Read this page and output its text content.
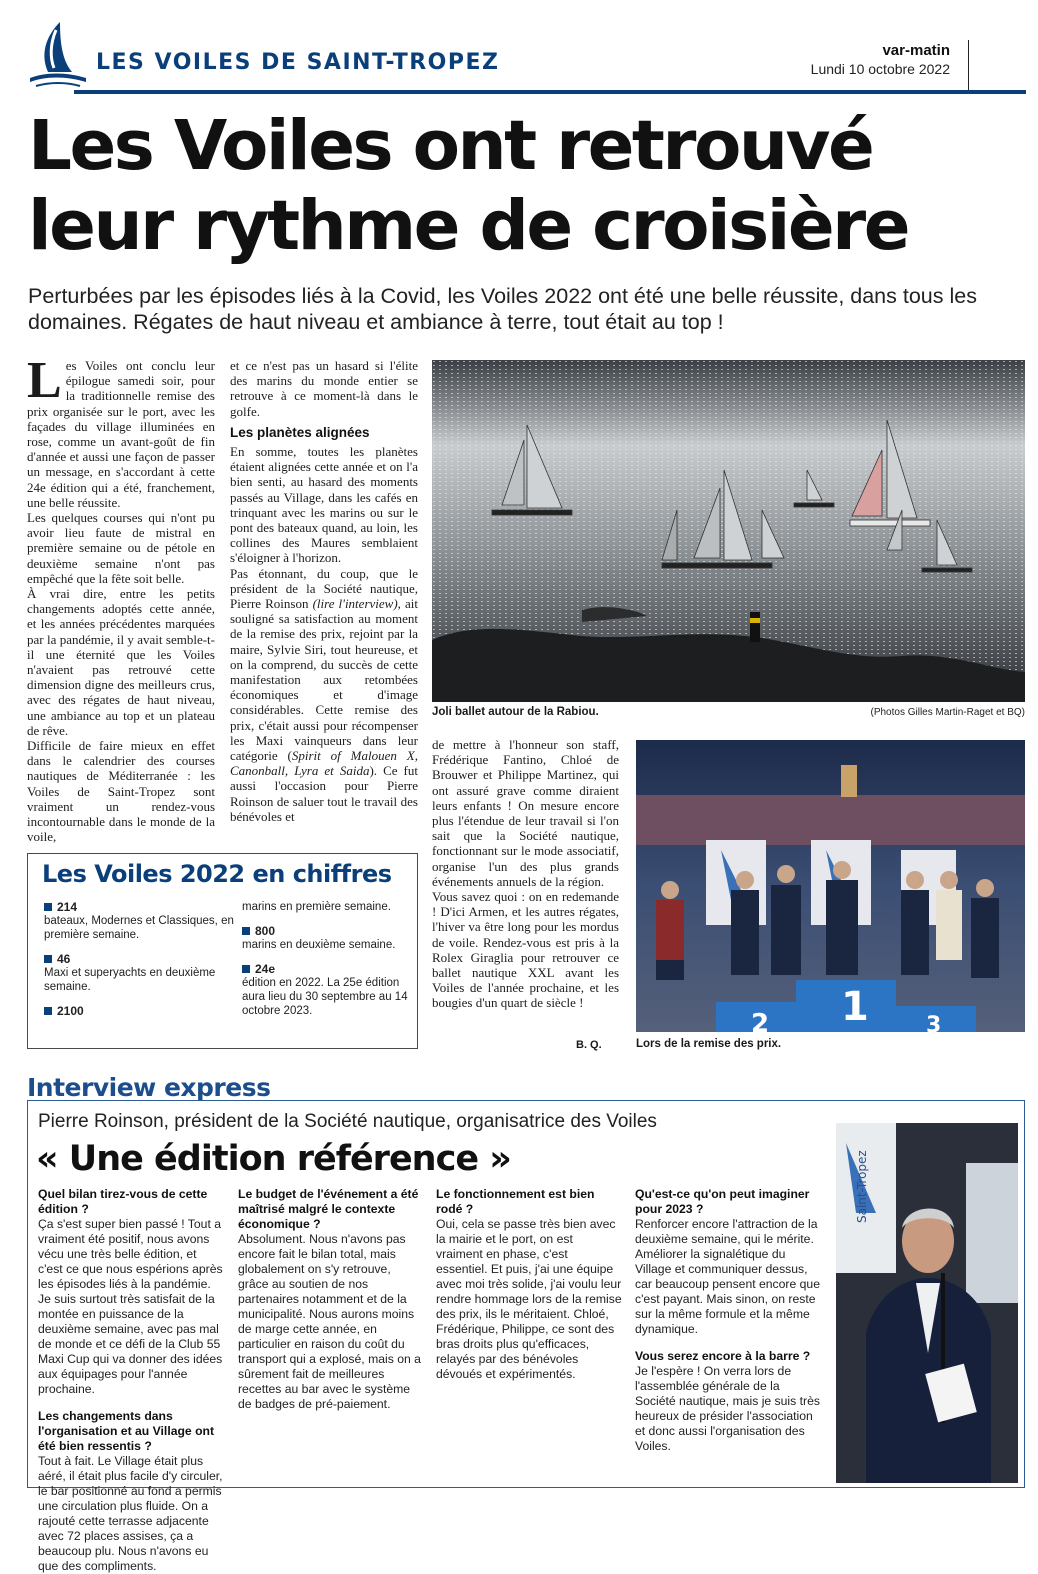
LES VOILES DE SAINT-TROPEZ	var-matin
Lundi 10 octobre 2022
Les Voiles ont retrouvé
leur rythme de croisière
Perturbées par les épisodes liés à la Covid, les Voiles 2022 ont été une belle réussite, dans tous les domaines. Régates de haut niveau et ambiance à terre, tout était au top !

Les Voiles ont conclu leur épilogue samedi soir, pour la traditionnelle remise des prix organisée sur le port, avec les façades du village illuminées en rose, comme un avant-goût de fin d'année et aussi une façon de passer un message, en s'accordant à cette 24e édition qui a été, franchement, une belle réussite.

Les quelques courses qui n'ont pu avoir lieu faute de mistral en première semaine ou de pétole en deuxième semaine n'ont pas empêché que la fête soit belle.

À vrai dire, entre les petits changements adoptés cette année, et les années précédentes marquées par la pandémie, il y avait semble-t-il une éternité que les Voiles n'avaient pas retrouvé cette dimension digne des meilleurs crus, avec des régates de haut niveau, une ambiance au top et un plateau de rêve.

Difficile de faire mieux en effet dans le calendrier des courses nautiques de Méditerranée : les Voiles de Saint-Tropez sont vraiment un rendez-vous incontournable dans le monde de la voile,

et ce n'est pas un hasard si l'élite des marins du monde entier se retrouve à ce moment-là dans le golfe.

Les planètes alignées

En somme, toutes les planètes étaient alignées cette année et on l'a bien senti, au hasard des moments passés au Village, dans les cafés en trinquant avec les marins ou sur le pont des bateaux quand, au loin, les collines des Maures semblaient s'éloigner à l'horizon.

Pas étonnant, du coup, que le président de la Société nautique, Pierre Roinson (lire l'interview), ait souligné sa satisfaction au moment de la remise des prix, rejoint par la maire, Sylvie Siri, tout heureuse, et on la comprend, du succès de cette manifestation aux retombées économiques et d'image considérables. Cette remise des prix, c'était aussi pour récompenser les Maxi vainqueurs dans leur catégorie (Spirit of Malouen X, Canonball, Lyra et Saida). Ce fut aussi l'occasion pour Pierre Roinson de saluer tout le travail des bénévoles et

de mettre à l'honneur son staff, Frédérique Fantino, Chloé de Brouwer et Philippe Martinez, qui ont assuré grave comme diraient leurs enfants ! On mesure encore plus l'étendue de leur travail si l'on sait que la Société nautique, fonctionnant sur le mode associatif, organise l'un des plus grands événements annuels de la région.

Vous savez quoi : on en redemande ! D'ici Armen, et les autres régates, l'hiver va être long pour les mordus de voile. Rendez-vous est pris à la Rolex Giraglia pour retrouver ce ballet nautique XXL avant les Voiles de l'année prochaine, et les bougies d'un quart de siècle !

B. Q.
Joli ballet autour de la Rabiou.	(Photos Gilles Martin-Raget et BQ)
1
2	3
Lors de la remise des prix.
Les Voiles 2022 en chiffres
214
bateaux, Modernes et Classiques, en première semaine.
46
Maxi et superyachts en deuxième semaine.
2100
marins en première semaine.
800
marins en deuxième semaine.
24e
édition en 2022. La 25e édition aura lieu du 30 septembre au 14 octobre 2023.
Interview express
Pierre Roinson, président de la Société nautique, organisatrice des Voiles
« Une édition référence »
Quel bilan tirez-vous de cette édition ?
Ça s'est super bien passé ! Tout a vraiment été positif, nous avons vécu une très belle édition, et c'est ce que nous espérions après les épisodes liés à la pandémie. Je suis surtout très satisfait de la montée en puissance de la deuxième semaine, avec pas mal de monde et ce défi de la Club 55 Maxi Cup qui va donner des idées aux équipages pour l'année prochaine.
Les changements dans l'organisation et au Village ont été bien ressentis ?
Tout à fait. Le Village était plus aéré, il était plus facile d'y circuler, le bar positionné au fond a permis une circulation plus fluide. On a rajouté cette terrasse adjacente avec 72 places assises, ça a beaucoup plu. Nous n'avons eu que des compliments.
Le budget de l'événement a été maîtrisé malgré le contexte économique ?
Absolument. Nous n'avons pas encore fait le bilan total, mais globalement on s'y retrouve, grâce au soutien de nos partenaires notamment et de la municipalité. Nous aurons moins de marge cette année, en particulier en raison du coût du transport qui a explosé, mais on a sûrement fait de meilleures recettes au bar avec le système de badges de pré-paiement.
Le fonctionnement est bien rodé ?
Oui, cela se passe très bien avec la mairie et le port, on est vraiment en phase, c'est essentiel. Et puis, j'ai une équipe avec moi très solide, j'ai voulu leur rendre hommage lors de la remise des prix, ils le méritaient. Chloé, Frédérique, Philippe, ce sont des bras droits plus qu'efficaces, relayés par des bénévoles dévoués et expérimentés.
Qu'est-ce qu'on peut imaginer pour 2023 ?
Renforcer encore l'attraction de la deuxième semaine, qui le mérite. Améliorer la signalétique du Village et communiquer dessus, car beaucoup pensent encore que c'est payant. Mais sinon, on reste sur la même formule et la même dynamique.
Vous serez encore à la barre ?
Je l'espère ! On verra lors de l'assemblée générale de la Société nautique, mais je suis très heureux de présider l'association et donc aussi l'organisation des Voiles.
Saint-Tropez
